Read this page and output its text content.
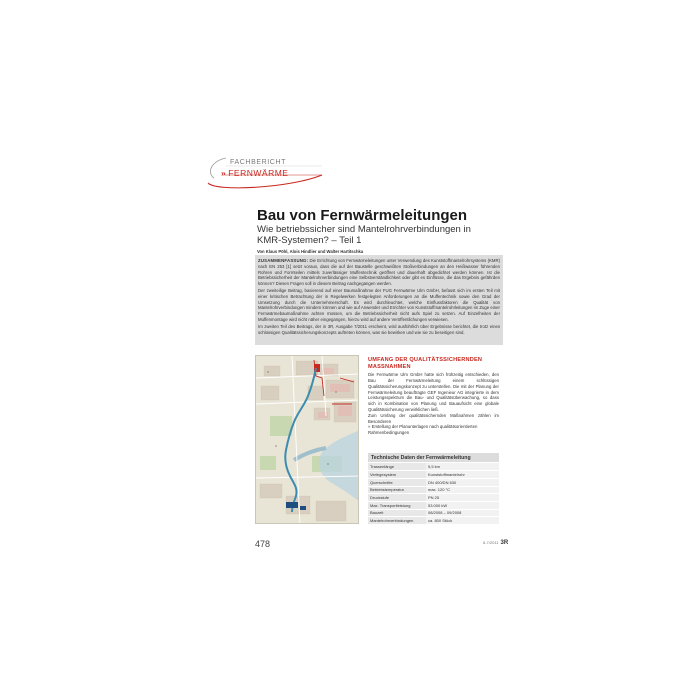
FACHBERICHT
» FERNWÄRME
Bau von Fernwärmeleitungen
Wie betriebssicher sind Mantelrohrverbindungen in KMR-Systemen? – Teil 1
Von Klaus Pöhl, Alois Hindlier und Walter Hartitschka

ZUSAMMENFASSUNG: Die Errichtung von Fernwärmeleitungen unter Verwendung des Kunststoffmantelrohrsystems (KMR) nach EN 253 [1] setzt voraus, dass die auf der Baustelle geschweißten Stoßverbindungen an den Heißwasser führenden Rohren und Formteilen mittels zuverlässiger Muffentechnik geöffnet und dauerhaft abgedichtet werden können. Ist die Betriebssicherheit der Mantelrohrverbindungen eine Selbstverständlichkeit oder gibt es Einflüsse, die das Ergebnis gefährden können? Diesen Fragen soll in diesem Beitrag nachgegangen werden.

Der zweiteilige Beitrag, basierend auf einer Baumaßnahme der FUG Fernwärme Ulm GmbH, befasst sich im ersten Teil mit einer kritischen Betrachtung der in Regelwerken festgelegten Anforderungen an die Muffentechnik sowie den Grad der Umsetzung durch die Unternehmerschaft. Es wird durchleuchtet, welche Einflussfaktoren die Qualität von Mantelrohrverbindungen mindern können und wie auf Anwender und Errichter von Kunststoffmantelrohrleitungen im Zuge einer Fernwärmebaumaßnahme achten müssen, um die Betriebssicherheit nicht aufs Spiel zu setzen. Auf Einzelheiten der Muffenmontage wird nicht näher eingegangen, hierzu wird auf andere Veröffentlichungen verwiesen.

Im zweiten Teil des Beitrags, der in 3R, Ausgabe 7/2011 erscheint, wird ausführlich über Ergebnisse berichtet, die trotz eines schlüssigen Qualitätssicherungskonzepts auftreten können, was sie bewirken und wie sie zu beseitigen sind.

UMFANG DER QUALITÄTSSICHERNDEN MASSNAHMEN
Die Fernwärme Ulm GmbH hatte sich frühzeitig entschieden, den Bau der Fernwärmeleitung einem schlüssigen Qualitätssicherungskonzept zu unterstellen. Die mit der Planung der Fernwärmeleitung beauftragte GEF Ingenieur AG integrierte in dem Leistungsspektrum die Bau- und Qualitätsüberwachung, so dass sich in Kombination von Planung und Bauaufsicht eine globale Qualitätssicherung verwirklichen ließ.
Zum Umfang der qualitätssichernden Maßnahmen zählen im Besonderen
» Erstellung der Planunterlagen nach qualitätsorientierten Rahmenbedingungen
Technische Daten der Fernwärmeleitung
Trassenlänge	5,5 km
Verlegesystem	Kunststoffmantelrohr
Querschnitte	DN 400/DN 630
Betriebstemperatur	max. 120 °C
Druckstufe	PN 25
Max. Transportleistung	53.000 kW
Bauzeit	08/2008 – 09/2008
Mantelrohrverbindungen	ca. 800 Stück
478	6-7/2011 3R
